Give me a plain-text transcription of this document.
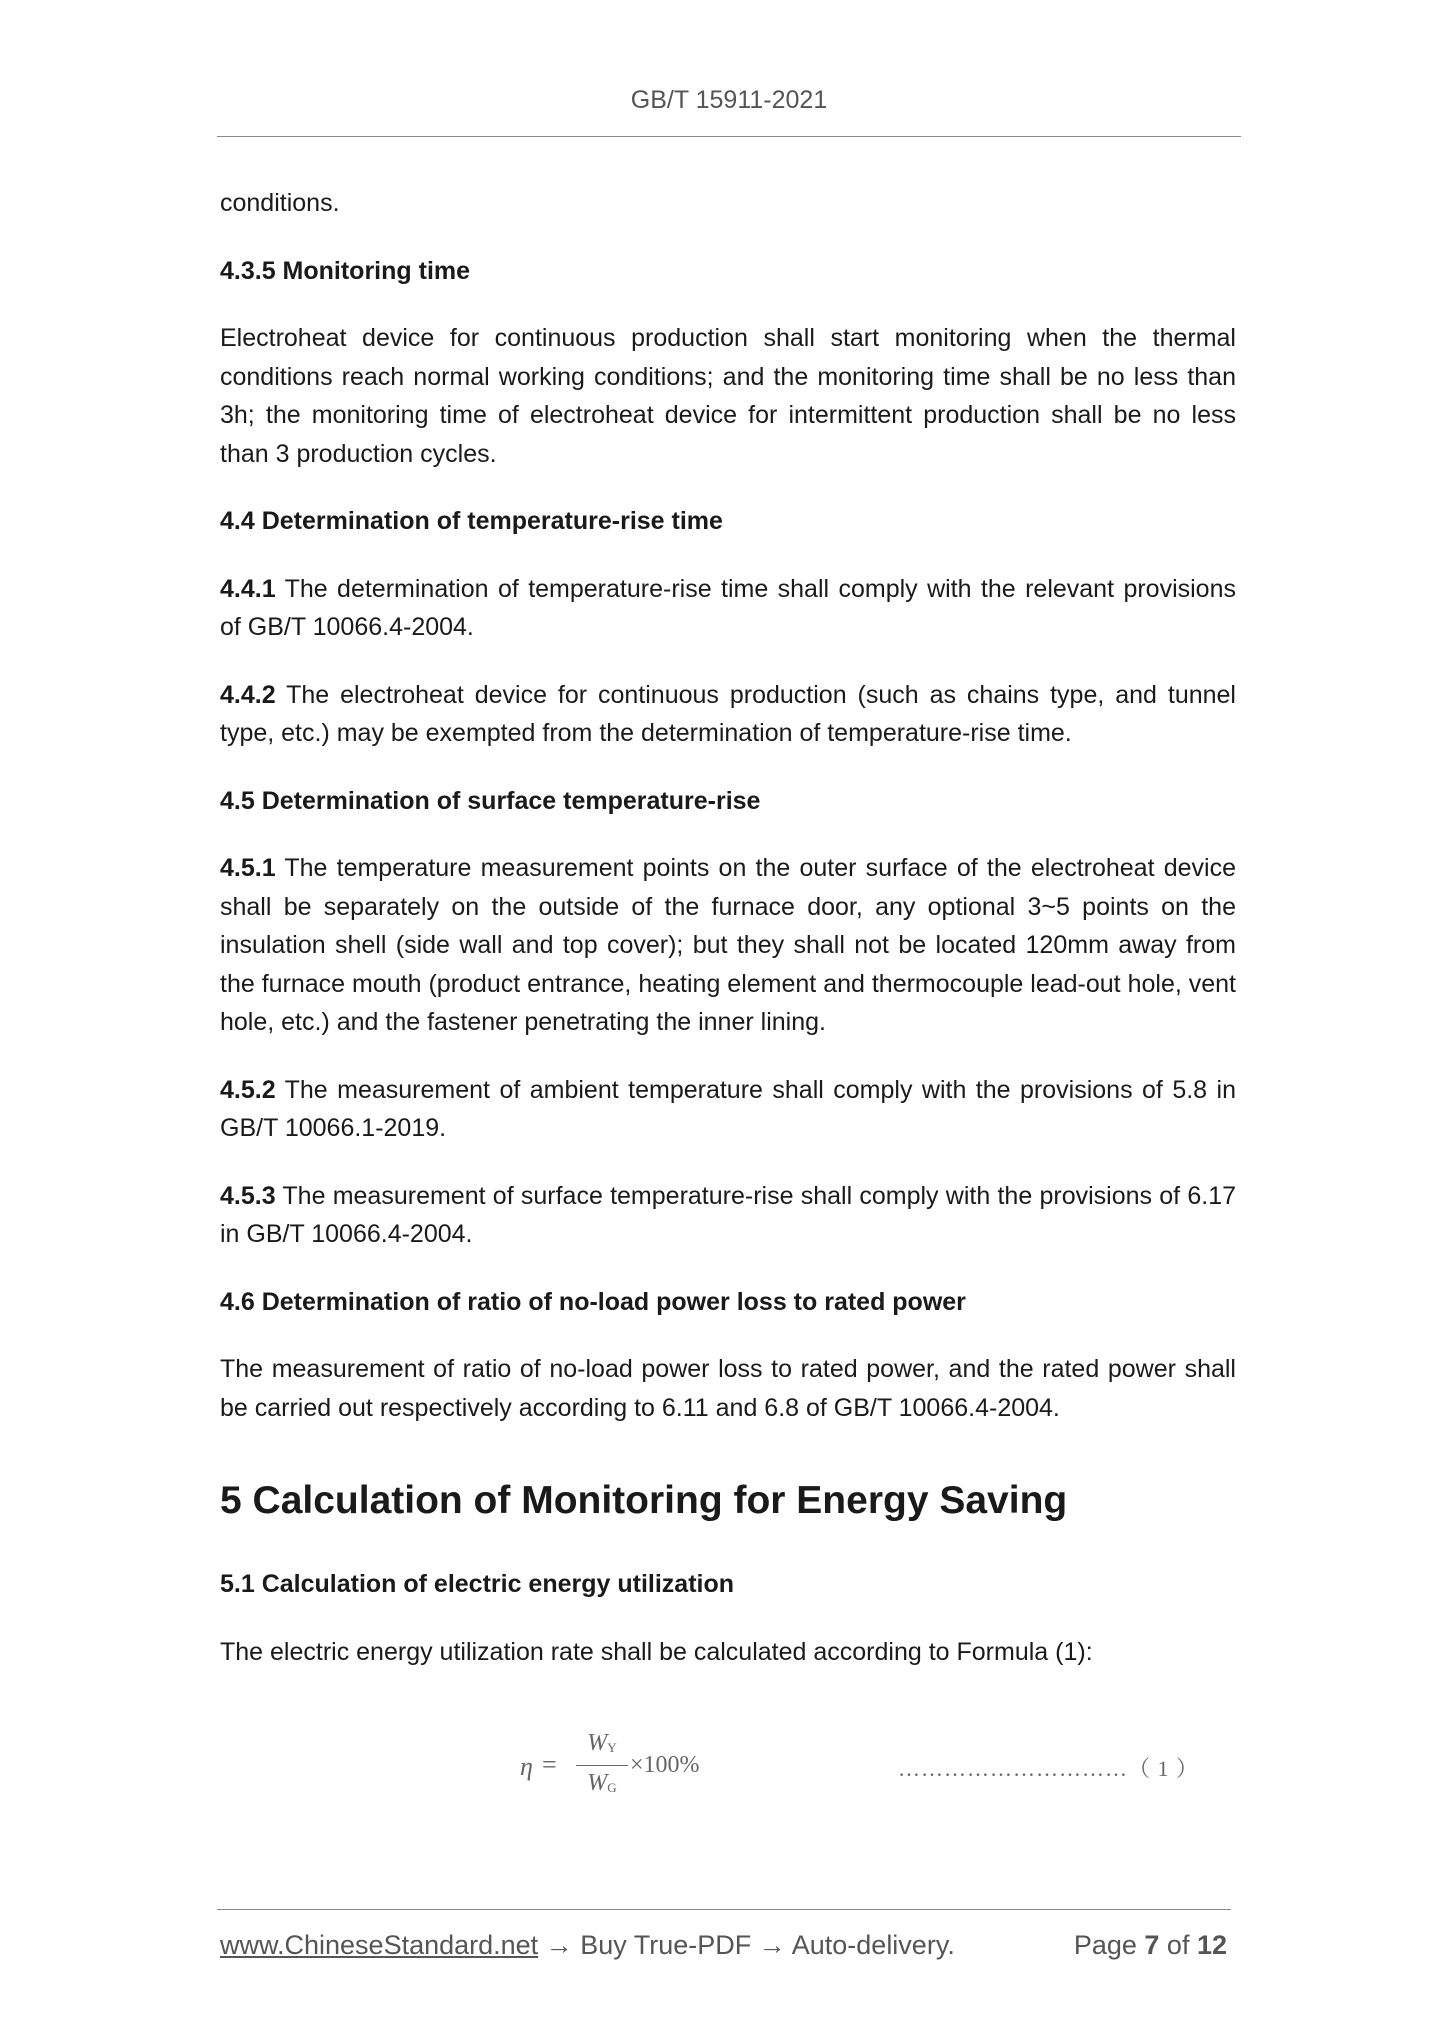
GB/T 15911-2021

conditions.

4.3.5 Monitoring time

Electroheat device for continuous production shall start monitoring when the thermal conditions reach normal working conditions; and the monitoring time shall be no less than 3h; the monitoring time of electroheat device for intermittent production shall be no less than 3 production cycles.

4.4 Determination of temperature-rise time

4.4.1 The determination of temperature-rise time shall comply with the relevant provisions of GB/T 10066.4-2004.

4.4.2 The electroheat device for continuous production (such as chains type, and tunnel type, etc.) may be exempted from the determination of temperature-rise time.

4.5 Determination of surface temperature-rise

4.5.1 The temperature measurement points on the outer surface of the electroheat device shall be separately on the outside of the furnace door, any optional 3~5 points on the insulation shell (side wall and top cover); but they shall not be located 120mm away from the furnace mouth (product entrance, heating element and thermocouple lead-out hole, vent hole, etc.) and the fastener penetrating the inner lining.

4.5.2 The measurement of ambient temperature shall comply with the provisions of 5.8 in GB/T 10066.1-2019.

4.5.3 The measurement of surface temperature-rise shall comply with the provisions of 6.17 in GB/T 10066.4-2004.

4.6 Determination of ratio of no-load power loss to rated power

The measurement of ratio of no-load power loss to rated power, and the rated power shall be carried out respectively according to 6.11 and 6.8 of GB/T 10066.4-2004.

5 Calculation of Monitoring for Energy Saving
5.1 Calculation of electric energy utilization

The electric energy utilization rate shall be calculated according to Formula (1):

η =
$W_Y$
$W_G$
×100%	…………………………（ 1 ）
www.ChineseStandard.net → Buy True-PDF → Auto-delivery.	Page 7 of 12
